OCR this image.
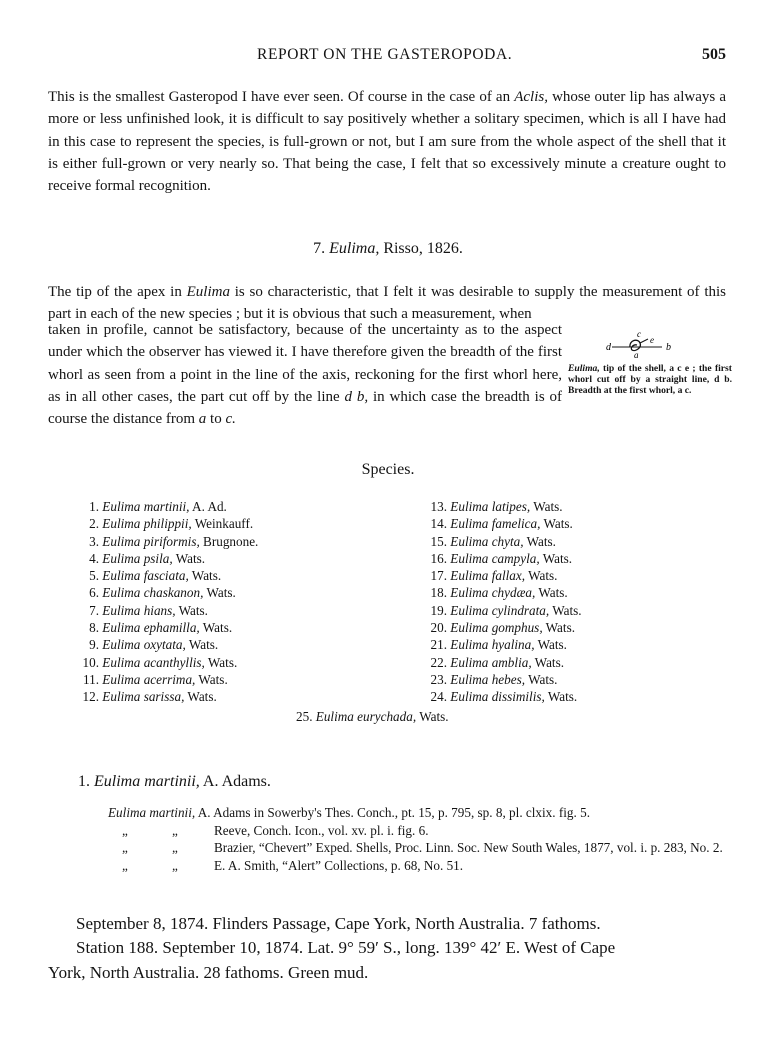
REPORT ON THE GASTEROPODA.	505
This is the smallest Gasteropod I have ever seen. Of course in the case of an Aclis, whose outer lip has always a more or less unfinished look, it is difficult to say positively whether a solitary specimen, which is all I have had in this case to represent the species, is full-grown or not, but I am sure from the whole aspect of the shell that it is either full-grown or very nearly so. That being the case, I felt that so excessively minute a creature ought to receive formal recognition.
7. Eulima, Risso, 1826.
The tip of the apex in Eulima is so characteristic, that I felt it was desirable to supply the measurement of this part in each of the new species ; but it is obvious that such a measurement, when
taken in profile, cannot be satisfactory, because of the uncertainty as to the aspect under which the observer has viewed it. I have therefore given the breadth of the first whorl as seen from a point in the line of the axis, reckoning for the first whorl here, as in all other cases, the part cut off by the line d b, in which case the breadth is of course the distance from a to c.
c
d
a
e
b
Eulima, tip of the shell, a c e ; the first whorl cut off by a straight line, d b. Breadth at the first whorl, a c.
Species.
1. Eulima martinii, A. Ad.
2. Eulima philippii, Weinkauff.
3. Eulima piriformis, Brugnone.
4. Eulima psila, Wats.
5. Eulima fasciata, Wats.
6. Eulima chaskanon, Wats.
7. Eulima hians, Wats.
8. Eulima ephamilla, Wats.
9. Eulima oxytata, Wats.
10. Eulima acanthyllis, Wats.
11. Eulima acerrima, Wats.
12. Eulima sarissa, Wats.
13. Eulima latipes, Wats.
14. Eulima famelica, Wats.
15. Eulima chyta, Wats.
16. Eulima campyla, Wats.
17. Eulima fallax, Wats.
18. Eulima chydæa, Wats.
19. Eulima cylindrata, Wats.
20. Eulima gomphus, Wats.
21. Eulima hyalina, Wats.
22. Eulima amblia, Wats.
23. Eulima hebes, Wats.
24. Eulima dissimilis, Wats.
25. Eulima eurychada, Wats.
1. Eulima martinii, A. Adams.
Eulima martinii, A. Adams in Sowerby's Thes. Conch., pt. 15, p. 795, sp. 8, pl. clxix. fig. 5.
„	„	Reeve, Conch. Icon., vol. xv. pl. i. fig. 6.
„	„	Brazier, “Chevert” Exped. Shells, Proc. Linn. Soc. New South Wales, 1877, vol. i. p. 283, No. 2.
„	„	E. A. Smith, “Alert” Collections, p. 68, No. 51.
September 8, 1874. Flinders Passage, Cape York, North Australia. 7 fathoms.
Station 188. September 10, 1874. Lat. 9° 59′ S., long. 139° 42′ E. West of Cape
York, North Australia. 28 fathoms. Green mud.
